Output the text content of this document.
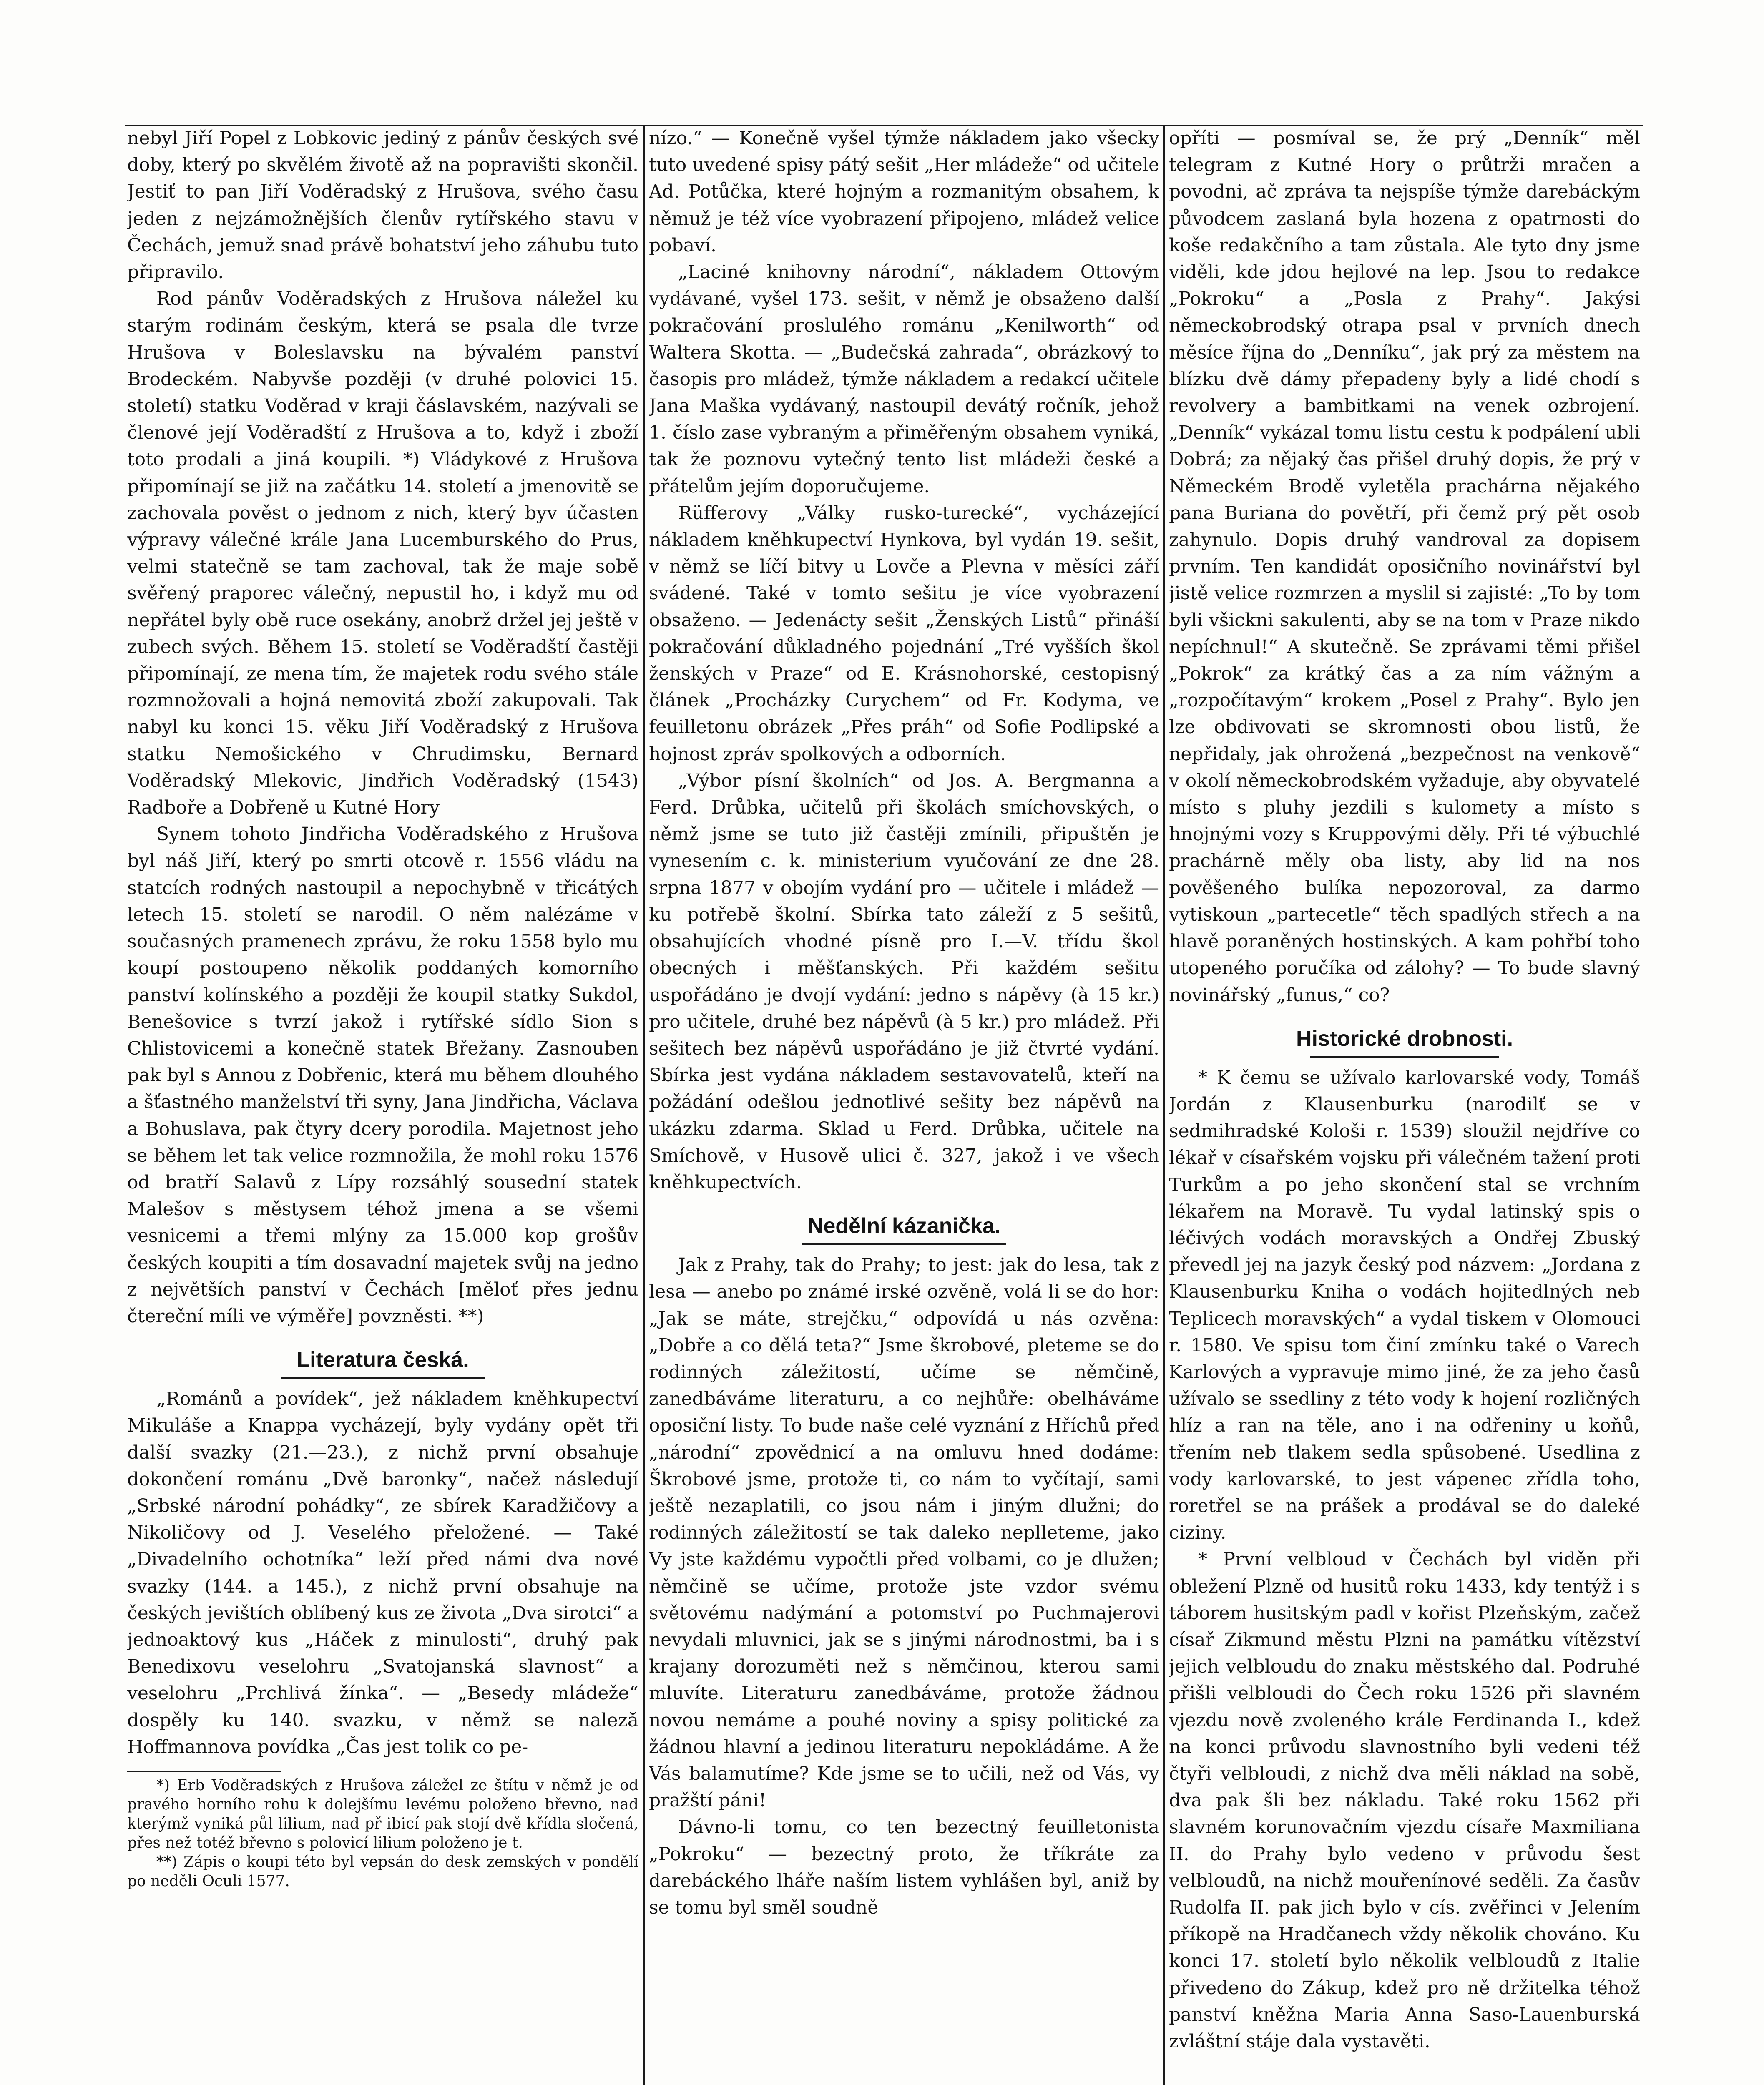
nebyl Jiří Popel z Lobkovic jediný z pánův českých své doby, který po skvělém životě až na popravišti skončil. Jestiť to pan Jiří Voděradský z Hrušova, svého času jeden z nejzámožnějších členův rytířského stavu v Čechách, jemuž snad právě bohatství jeho záhubu tuto připravilo.

Rod pánův Voděradských z Hrušova náležel ku starým rodinám českým, která se psala dle tvrze Hrušova v Boleslavsku na bývalém panství Brodeckém. Nabyvše později (v druhé polovici 15. století) statku Voděrad v kraji čáslavském, nazývali se členové její Voděradští z Hrušova a to, když i zboží toto prodali a jiná koupili. *) Vládykové z Hrušova připomínají se již na začátku 14. století a jmenovitě se zachovala pověst o jednom z nich, který byv účasten výpravy válečné krále Jana Lucemburského do Prus, velmi statečně se tam zachoval, tak že maje sobě svěřený praporec válečný, nepustil ho, i když mu od nepřátel byly obě ruce osekány, anobrž držel jej ještě v zubech svých. Během 15. století se Voděradští častěji připomínají, ze mena tím, že majetek rodu svého stále rozmnožovali a hojná nemovitá zboží zakupovali. Tak nabyl ku konci 15. věku Jiří Voděradský z Hrušova statku Nemošického v Chrudimsku, Bernard Voděradský Mlekovic, Jindřich Voděradský (1543) Radboře a Dobřeně u Kutné Hory

Synem tohoto Jindřicha Voděradského z Hrušova byl náš Jiří, který po smrti otcově r. 1556 vládu na statcích rodných nastoupil a nepochybně v třicátých letech 15. století se narodil. O něm nalézáme v současných pramenech zprávu, že roku 1558 bylo mu koupí postoupeno několik poddaných komorního panství kolínského a později že koupil statky Sukdol, Benešovice s tvrzí jakož i rytířské sídlo Sion s Chlistovicemi a konečně statek Břežany. Zasnouben pak byl s Annou z Dobřenic, která mu během dlouhého a šťastného manželství tři syny, Jana Jindřicha, Václava a Bohuslava, pak čtyry dcery porodila. Majetnost jeho se během let tak velice rozmnožila, že mohl roku 1576 od bratří Salavů z Lípy rozsáhlý sousední statek Malešov s městysem téhož jmena a se všemi vesnicemi a třemi mlýny za 15.000 kop grošův českých koupiti a tím dosavadní majetek svůj na jedno z největších panství v Čechách [měloť přes jednu čtereční míli ve výměře] povzněsti. **)

Literatura česká.

„Románů a povídek“, jež nákladem kněhkupectví Mikuláše a Knappa vycházejí, byly vydány opět tři další svazky (21.—23.), z nichž první obsahuje dokončení románu „Dvě baronky“, načež následují „Srbské národní pohádky“, ze sbírek Karadžičovy a Nikoličovy od J. Veselého přeložené. — Také „Divadelního ochotníka“ leží před námi dva nové svazky (144. a 145.), z nichž první obsahuje na českých jevištích oblíbený kus ze života „Dva sirotci“ a jednoaktový kus „Háček z minulosti“, druhý pak Benedixovu veselohru „Svatojanská slavnost“ a veselohru „Prchlivá žínka“. — „Besedy mládeže“ dospěly ku 140. svazku, v němž se naleză Hoffmannova povídka „Čas jest tolik co pe-

*) Erb Voděradských z Hrušova záležel ze štítu v němž je od pravého horního rohu k dolejšímu levému položeno břevno, nad kterýmž vyniká půl lilium, nad př ibicí pak stojí dvě křídla sločená, přes než totéž břevno s polovicí lilium položeno je t.

**) Zápis o koupi této byl vepsán do desk zemských v pondělí po neděli Oculi 1577.

nízo.“ — Konečně vyšel týmže nákladem jako všecky tuto uvedené spisy pátý sešit „Her mládeže“ od učitele Ad. Potůčka, které hojným a rozmanitým obsahem, k němuž je též více vyobrazení připojeno, mládež velice pobaví.

„Laciné knihovny národní“, nákladem Ottovým vydávané, vyšel 173. sešit, v němž je obsaženo další pokračování proslulého románu „Kenilworth“ od Waltera Skotta. — „Budečská zahrada“, obrázkový to časopis pro mládež, týmže nákladem a redakcí učitele Jana Maška vydávaný, nastoupil devátý ročník, jehož 1. číslo zase vybraným a přiměřeným obsahem vyniká, tak že poznovu vytečný tento list mládeži české a přátelům jejím doporučujeme.

Rüfferovy „Války rusko-turecké“, vycházející nákladem kněhkupectví Hynkova, byl vydán 19. sešit, v němž se líčí bitvy u Lovče a Plevna v měsíci září svádené. Také v tomto sešitu je více vyobrazení obsaženo. — Jedenácty sešit „Ženských Listů“ přináší pokračování důkladného pojednání „Tré vyšších škol ženských v Praze“ od E. Krásnohorské, cestopisný článek „Procházky Curychem“ od Fr. Kodyma, ve feuilletonu obrázek „Přes práh“ od Sofie Podlipské a hojnost zpráv spolkových a odborních.

„Výbor písní školních“ od Jos. A. Bergmanna a Ferd. Drůbka, učitelů při školách smíchovských, o němž jsme se tuto již častěji zmínili, připuštěn je vynesením c. k. ministerium vyučování ze dne 28. srpna 1877 v obojím vydání pro — učitele i mládež — ku potřebě školní. Sbírka tato záleží z 5 sešitů, obsahujících vhodné písně pro I.—V. třídu škol obecných i měšťanských. Při každém sešitu uspořádáno je dvojí vydání: jedno s nápěvy (à 15 kr.) pro učitele, druhé bez nápěvů (à 5 kr.) pro mládež. Při sešitech bez nápěvů uspořádáno je již čtvrté vydání. Sbírka jest vydána nákladem sestavovatelů, kteří na požádání odešlou jednotlivé sešity bez nápěvů na ukázku zdarma. Sklad u Ferd. Drůbka, učitele na Smíchově, v Husově ulici č. 327, jakož i ve všech kněhkupectvích.

Nedělní kázanička.

Jak z Prahy, tak do Prahy; to jest: jak do lesa, tak z lesa — anebo po známé irské ozvěně, volá li se do hor: „Jak se máte, strejčku,“ odpovídá u nás ozvěna: „Dobře a co dělá teta?“ Jsme škrobové, pleteme se do rodinných záležitostí, učíme se němčině, zanedbáváme literaturu, a co nejhůře: obelháváme oposiční listy. To bude naše celé vyznání z Hříchů před „národní“ zpovědnicí a na omluvu hned dodáme: Škrobové jsme, protože ti, co nám to vyčítají, sami ještě nezaplatili, co jsou nám i jiným dlužni; do rodinných záležitostí se tak daleko neplleteme, jako Vy jste každému vypočtli před volbami, co je dlužen; němčině se učíme, protože jste vzdor svému světovému nadýmání a potomství po Puchmajerovi nevydali mluvnici, jak se s jinými národnostmi, ba i s krajany dorozuměti než s němčinou, kterou sami mluvíte. Literaturu zanedbáváme, protože žádnou novou nemáme a pouhé noviny a spisy politické za žádnou hlavní a jedinou literaturu nepokládáme. A že Vás balamutíme? Kde jsme se to učili, než od Vás, vy pražští páni!

Dávno-li tomu, co ten bezectný feuilletonista „Pokroku“ — bezectný proto, že tříkráte za darebáckého lháře naším listem vyhlášen byl, aniž by se tomu byl směl soudně

opříti — posmíval se, že prý „Denník“ měl telegram z Kutné Hory o průtrži mračen a povodni, ač zpráva ta nejspíše týmže darebáckým původcem zaslaná byla hozena z opatrnosti do koše redakčního a tam zůstala. Ale tyto dny jsme viděli, kde jdou hejlové na lep. Jsou to redakce „Pokroku“ a „Posla z Prahy“. Jakýsi německobrodský otrapa psal v prvních dnech měsíce října do „Denníku“, jak prý za městem na blízku dvě dámy přepadeny byly a lidé chodí s revolvery a bambitkami na venek ozbrojení. „Denník“ vykázal tomu listu cestu k podpálení ubli Dobrá; za nějaký čas přišel druhý dopis, že prý v Německém Brodě vyletěla prachárna nějakého pana Buriana do povětří, při čemž prý pět osob zahynulo. Dopis druhý vandroval za dopisem prvním. Ten kandidát oposičního novinářství byl jistě velice rozmrzen a myslil si zajisté: „To by tom byli všickni sakulenti, aby se na tom v Praze nikdo nepíchnul!“ A skutečně. Se zprávami těmi přišel „Pokrok“ za krátký čas a za ním vážným a „rozpočítavým“ krokem „Posel z Prahy“. Bylo jen lze obdivovati se skromnosti obou listů, že nepřidaly, jak ohrožená „bezpečnost na venkově“ v okolí německobrodském vyžaduje, aby obyvatelé místo s pluhy jezdili s kulomety a místo s hnojnými vozy s Kruppovými děly. Při té výbuchlé prachárně měly oba listy, aby lid na nos pověšeného bulíka nepozoroval, za darmo vytiskoun „partecetle“ těch spadlých střech a na hlavě poraněných hostinských. A kam pohřbí toho utopeného poručíka od zálohy? — To bude slavný novinářský „funus,“ co?

Historické drobnosti.

* K čemu se užívalo karlovarské vody, Tomáš Jordán z Klausenburku (narodilť se v sedmihradské Kološi r. 1539) sloužil nejdříve co lékař v císařském vojsku při válečném tažení proti Turkům a po jeho skončení stal se vrchním lékařem na Moravě. Tu vydal latinský spis o léčivých vodách moravských a Ondřej Zbuský převedl jej na jazyk český pod názvem: „Jordana z Klausenburku Kniha o vodách hojitedlných neb Teplicech moravských“ a vydal tiskem v Olomouci r. 1580. Ve spisu tom činí zmínku také o Varech Karlových a vypravuje mimo jiné, že za jeho časů užívalo se ssedliny z této vody k hojení rozličných hlíz a ran na těle, ano i na odřeniny u koňů, třením neb tlakem sedla spůsobené. Usedlina z vody karlovarské, to jest vápenec zřídla toho, roretřel se na prášek a prodával se do daleké ciziny.

* První velbloud v Čechách byl viděn při obležení Plzně od husitů roku 1433, kdy tentýž i s táborem husitským padl v kořist Plzeňským, začež císař Zikmund městu Plzni na památku vítězství jejich velbloudu do znaku městského dal. Podruhé přišli velbloudi do Čech roku 1526 při slavném vjezdu nově zvoleného krále Ferdinanda I., kdež na konci průvodu slavnostního byli vedeni též čtyři velbloudi, z nichž dva měli náklad na sobě, dva pak šli bez nákladu. Také roku 1562 při slavném korunovačním vjezdu císaře Maxmiliana II. do Prahy bylo vedeno v průvodu šest velbloudů, na nichž mouřenínové seděli. Za časův Rudolfa II. pak jich bylo v cís. zvěřinci v Jelením příkopě na Hradčanech vždy několik chováno. Ku konci 17. století bylo několik velbloudů z Italie přivedeno do Zákup, kdež pro ně držitelka téhož panství kněžna Maria Anna Saso-Lauenburská zvláštní stáje dala vystavěti.
